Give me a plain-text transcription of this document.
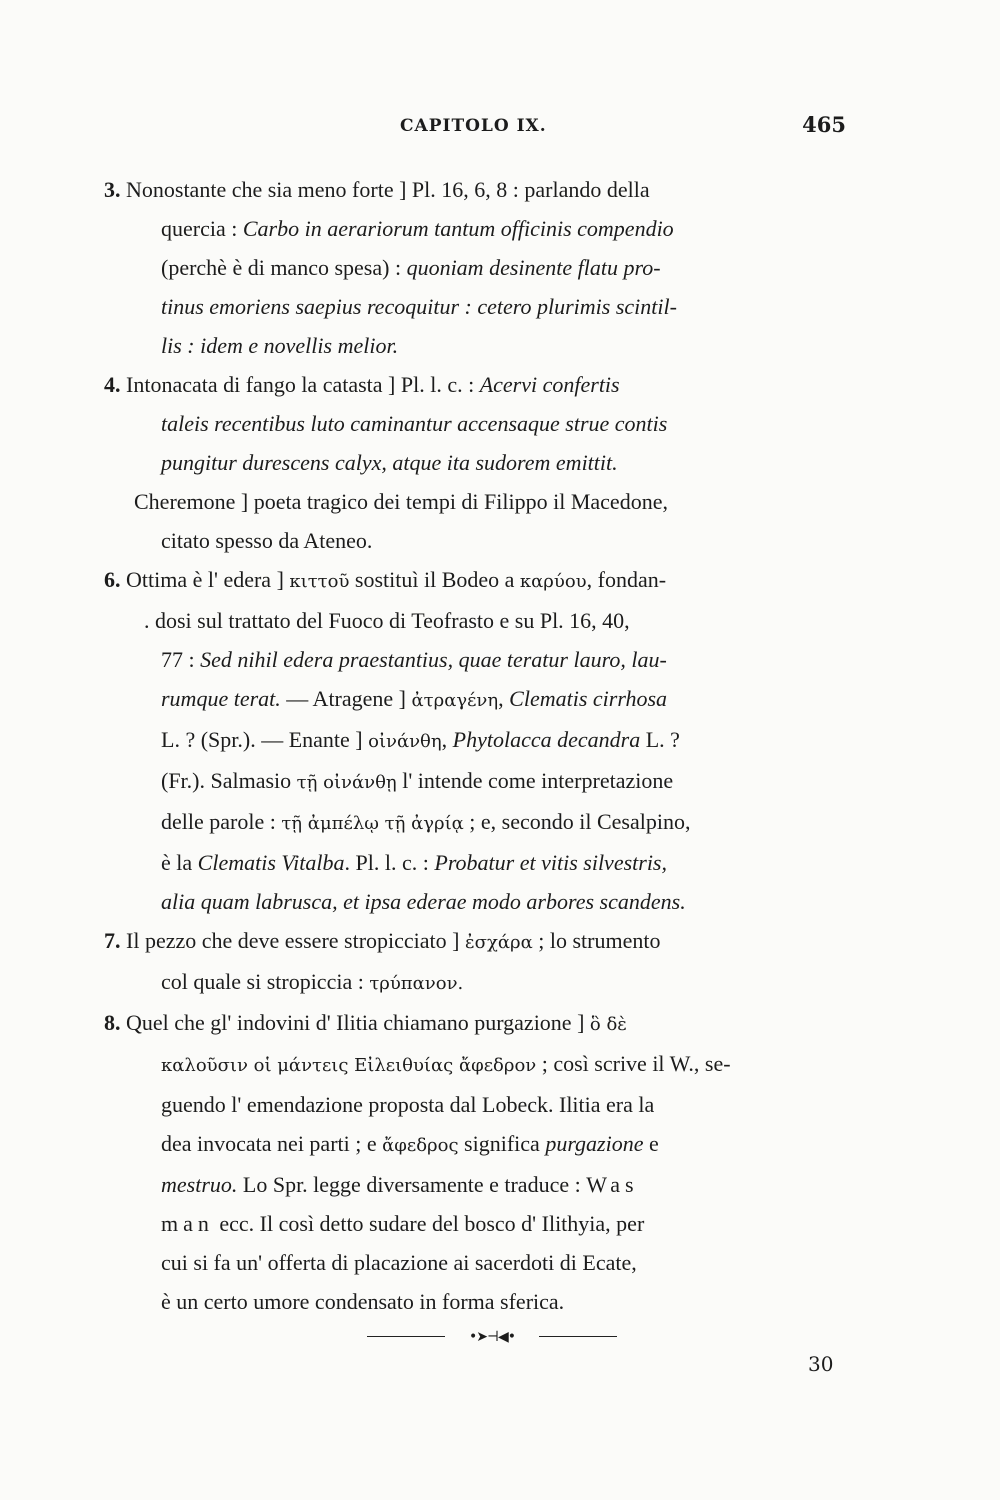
CAPITOLO IX.	465
3. Nonostante che sia meno forte ] Pl. 16, 6, 8 : parlando della
quercia : Carbo in aerariorum tantum officinis compendio
(perchè è di manco spesa) : quoniam desinente flatu pro-
tinus emoriens saepius recoquitur : cetero plurimis scintil-
lis : idem e novellis melior.
4. Intonacata di fango la catasta ] Pl. l. c. : Acervi confertis
taleis recentibus luto caminantur accensaque strue contis
pungitur durescens calyx, atque ita sudorem emittit.
Cheremone ] poeta tragico dei tempi di Filippo il Macedone,
citato spesso da Ateneo.
6. Ottima è l' edera ] κιττοῦ sostituì il Bodeo a καρύου, fondan-
. dosi sul trattato del Fuoco di Teofrasto e su Pl. 16, 40,
77 : Sed nihil edera praestantius, quae teratur lauro, lau-
rumque terat. — Atragene ] ἀτραγένη, Clematis cirrhosa
L. ? (Spr.). — Enante ] οἰνάνθη, Phytolacca decandra L. ?
(Fr.). Salmasio τῇ οἰνάνθῃ l' intende come interpretazione
delle parole : τῇ ἀμπέλῳ τῇ ἀγρίᾳ ; e, secondo il Cesalpino,
è la Clematis Vitalba. Pl. l. c. : Probatur et vitis silvestris,
alia quam labrusca, et ipsa ederae modo arbores scandens.
7. Il pezzo che deve essere stropicciato ] ἐσχάρα ; lo strumento
col quale si stropiccia : τρύπανον.
8. Quel che gl' indovini d' Ilitia chiamano purgazione ] ὃ δὲ
καλοῦσιν οἱ μάντεις Εἰλειθυίας ἄφεδρον ; così scrive il W., se-
guendo l' emendazione proposta dal Lobeck. Ilitia era la
dea invocata nei parti ; e ἄφεδρος significa purgazione e
mestruo. Lo Spr. legge diversamente e traduce : Was
man ecc. Il così detto sudare del bosco d' Ilithyia, per
cui si fa un' offerta di placazione ai sacerdoti di Ecate,
è un certo umore condensato in forma sferica.
•➤⊣◀•
30
